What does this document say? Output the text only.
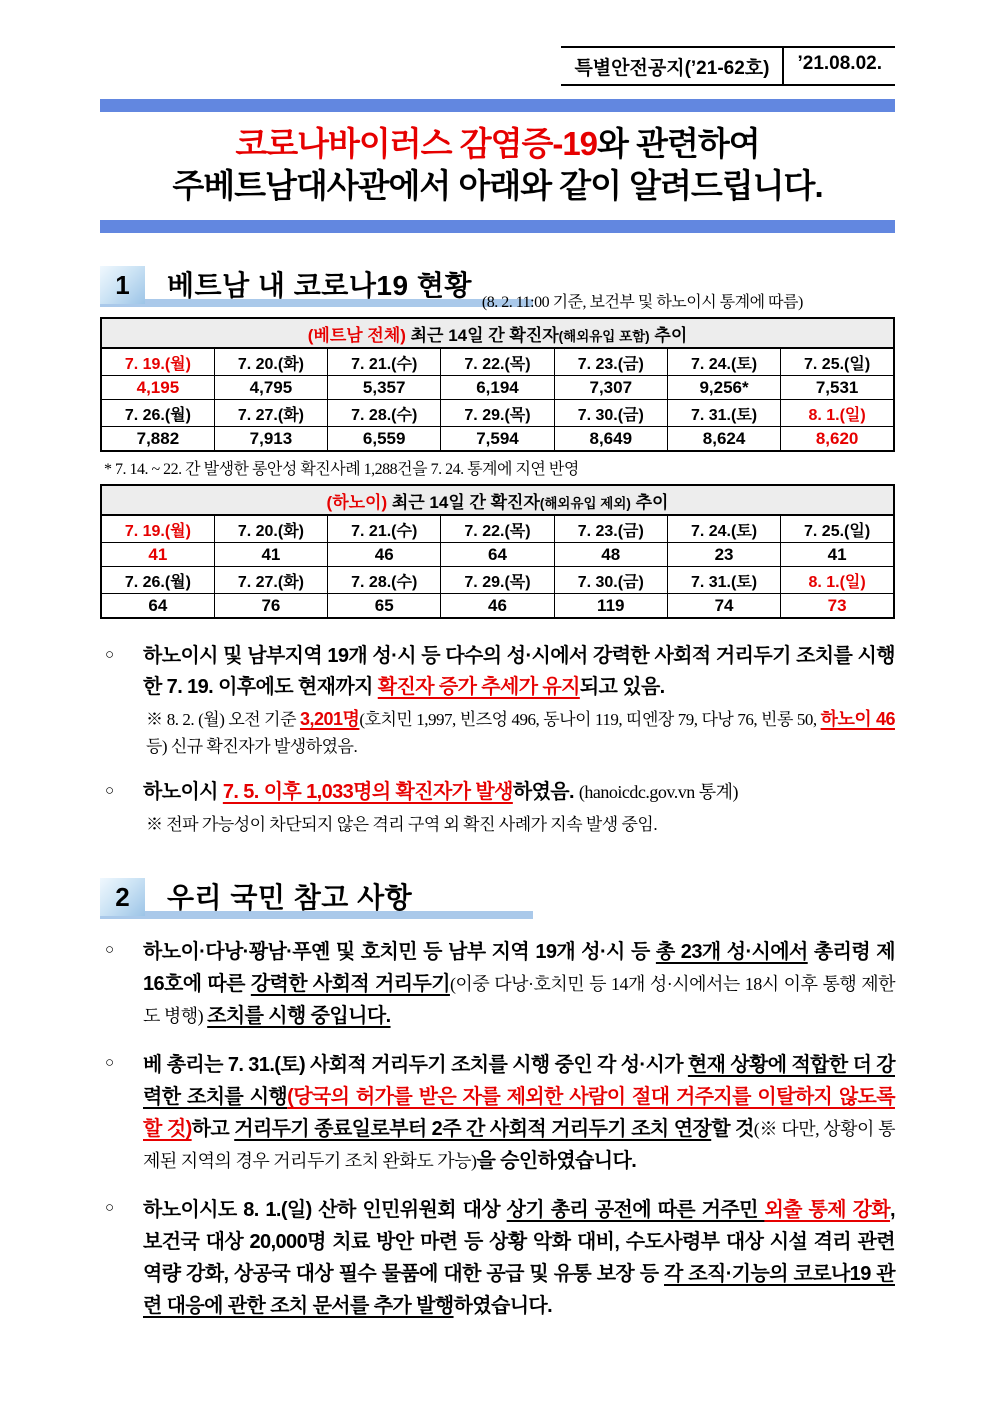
특별안전공지(’21-62호)	’21.08.02.
코로나바이러스 감염증-19와 관련하여
주베트남대사관에서 아래와 같이 알려드립니다.
1	베트남 내 코로나19 현황
(8. 2. 11:00 기준, 보건부 및 하노이시 통계에 따름)
(베트남 전체) 최근 14일 간 확진자(해외유입 포함) 추이						
7. 19.(월)	7. 20.(화)	7. 21.(수)	7. 22.(목)	7. 23.(금)	7. 24.(토)	7. 25.(일)
4,195	4,795	5,357	6,194	7,307	9,256*	7,531
7. 26.(월)	7. 27.(화)	7. 28.(수)	7. 29.(목)	7. 30.(금)	7. 31.(토)	8. 1.(일)
7,882	7,913	6,559	7,594	8,649	8,624	8,620
* 7. 14. ~ 22. 간 발생한 롱안성 확진사례 1,288건을 7. 24. 통계에 지연 반영
(하노이) 최근 14일 간 확진자(해외유입 제외) 추이						
7. 19.(월)	7. 20.(화)	7. 21.(수)	7. 22.(목)	7. 23.(금)	7. 24.(토)	7. 25.(일)
41	41	46	64	48	23	41
7. 26.(월)	7. 27.(화)	7. 28.(수)	7. 29.(목)	7. 30.(금)	7. 31.(토)	8. 1.(일)
64	76	65	46	119	74	73
○	하노이시 및 남부지역 19개 성·시 등 다수의 성·시에서 강력한 사회적 거리두기 조치를 시행한 7. 19. 이후에도 현재까지 확진자 증가 추세가 유지되고 있음.
※ 8. 2. (월) 오전 기준 3,201명(호치민 1,997, 빈즈엉 496, 동나이 119, 띠엔장 79, 다낭 76, 빈롱 50, 하노이 46 등) 신규 확진자가 발생하였음.
○	하노이시 7. 5. 이후 1,033명의 확진자가 발생하였음. (hanoicdc.gov.vn 통계)
※ 전파 가능성이 차단되지 않은 격리 구역 외 확진 사례가 지속 발생 중임.
2	우리 국민 참고 사항
○	하노이·다낭·꽝남·푸옌 및 호치민 등 남부 지역 19개 성·시 등 총 23개 성·시에서 총리령 제16호에 따른 강력한 사회적 거리두기(이중 다낭·호치민 등 14개 성·시에서는 18시 이후 통행 제한도 병행) 조치를 시행 중입니다.
○	베 총리는 7. 31.(토) 사회적 거리두기 조치를 시행 중인 각 성·시가 현재 상황에 적합한 더 강력한 조치를 시행(당국의 허가를 받은 자를 제외한 사람이 절대 거주지를 이탈하지 않도록 할 것)하고 거리두기 종료일로부터 2주 간 사회적 거리두기 조치 연장할 것(※ 다만, 상황이 통제된 지역의 경우 거리두기 조치 완화도 가능)을 승인하였습니다.
○	하노이시도 8. 1.(일) 산하 인민위원회 대상 상기 총리 공전에 따른 거주민 외출 통제 강화, 보건국 대상 20,000명 치료 방안 마련 등 상황 악화 대비, 수도사령부 대상 시설 격리 관련 역량 강화, 상공국 대상 필수 물품에 대한 공급 및 유통 보장 등 각 조직·기능의 코로나19 관련 대응에 관한 조치 문서를 추가 발행하였습니다.
